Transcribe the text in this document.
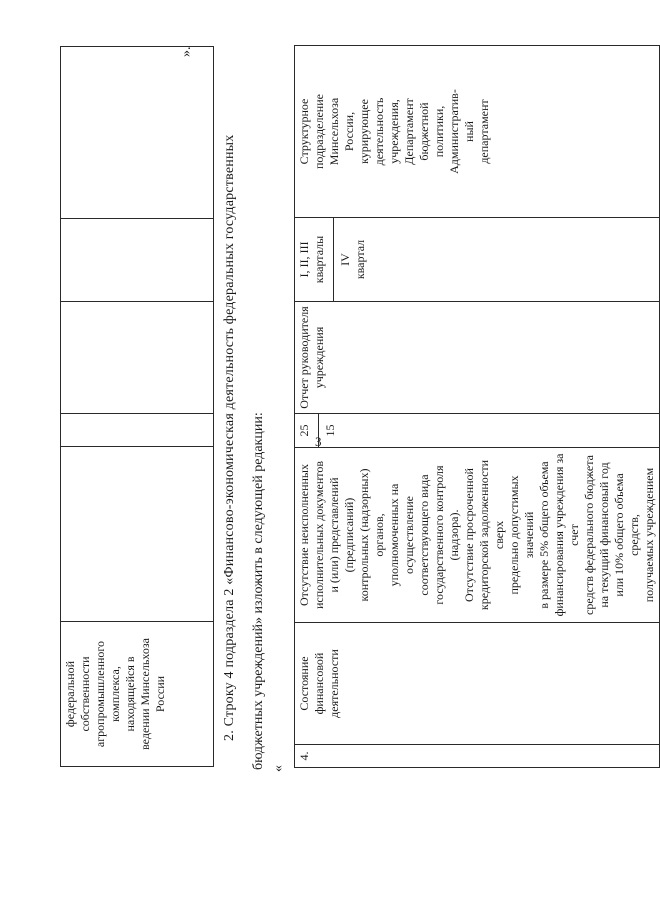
3
федеральной
собственности
агропромышленного
комплекса,
находящейся в
ведении Минсельхоза
России

».
2. Строку 4 подраздела 2 «Финансово-экономическая деятельность федеральных государственных бюджетных учреждений» изложить в следующей редакции: «
4.

Состояние
финансовой
деятельности

Отсутствие неисполненных
исполнительных документов
и (или) представлений (предписаний)
контрольных (надзорных) органов,
уполномоченных на осуществление
соответствующего вида
государственного контроля (надзора).
Отсутствие просроченной
кредиторской задолженности сверх
предельно допустимых значений
в размере 5% общего объема
финансирования учреждения за счет
средств федерального бюджета
на текущий финансовый год
или 10% общего объема средств,
получаемых учреждением

25	15

Отчет руководителя
учреждения

I, II, III
кварталы	IV
квартал

Структурное
подразделение
Минсельхоза
России,
курирующее
деятельность
учреждения,
Департамент
бюджетной
политики,
Административ-
ный
департамент
